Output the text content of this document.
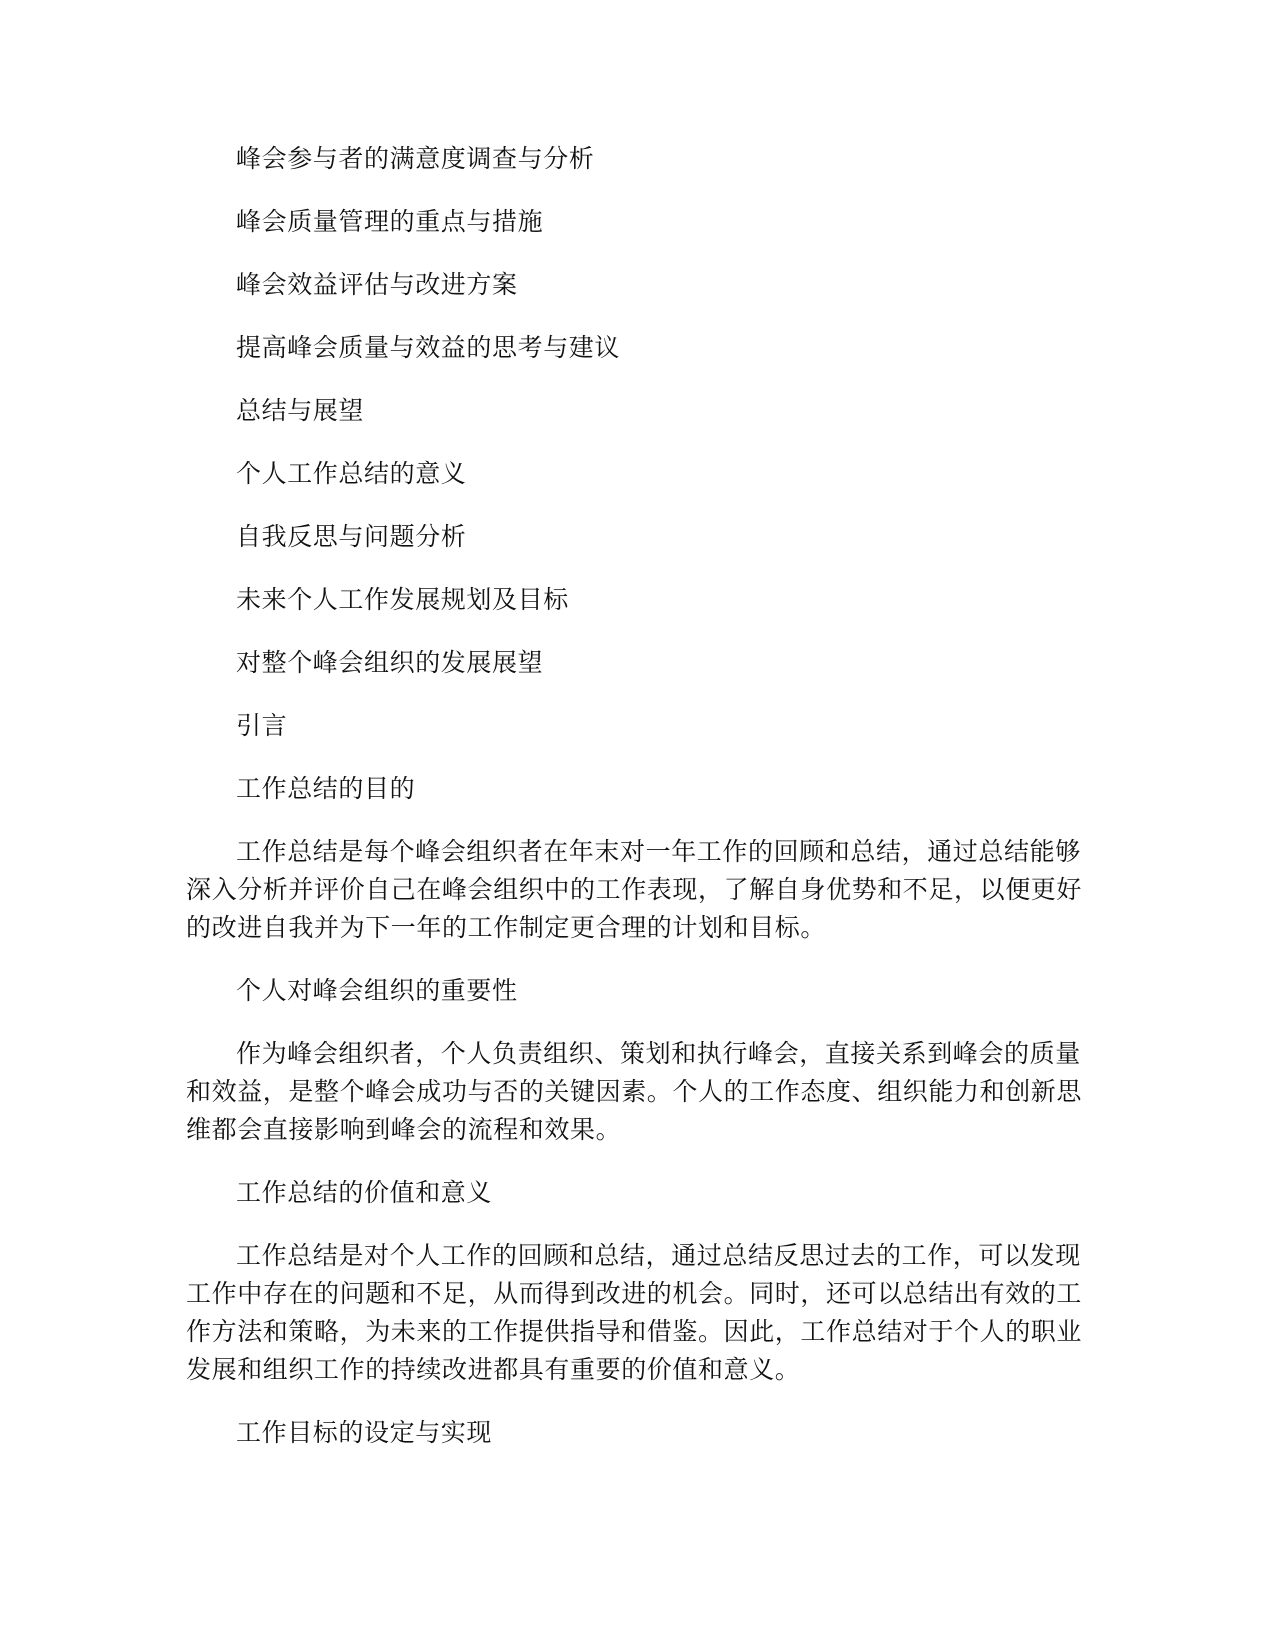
峰会参与者的满意度调查与分析
峰会质量管理的重点与措施
峰会效益评估与改进方案
提高峰会质量与效益的思考与建议
总结与展望
个人工作总结的意义
自我反思与问题分析
未来个人工作发展规划及目标
对整个峰会组织的发展展望
引言
工作总结的目的

工作总结是每个峰会组织者在年末对一年工作的回顾和总结，通过总结能够深入分析并评价自己在峰会组织中的工作表现，了解自身优势和不足，以便更好的改进自我并为下一年的工作制定更合理的计划和目标。

个人对峰会组织的重要性

作为峰会组织者，个人负责组织、策划和执行峰会，直接关系到峰会的质量和效益，是整个峰会成功与否的关键因素。个人的工作态度、组织能力和创新思维都会直接影响到峰会的流程和效果。

工作总结的价值和意义

工作总结是对个人工作的回顾和总结，通过总结反思过去的工作，可以发现工作中存在的问题和不足，从而得到改进的机会。同时，还可以总结出有效的工作方法和策略，为未来的工作提供指导和借鉴。因此，工作总结对于个人的职业发展和组织工作的持续改进都具有重要的价值和意义。

工作目标的设定与实现
